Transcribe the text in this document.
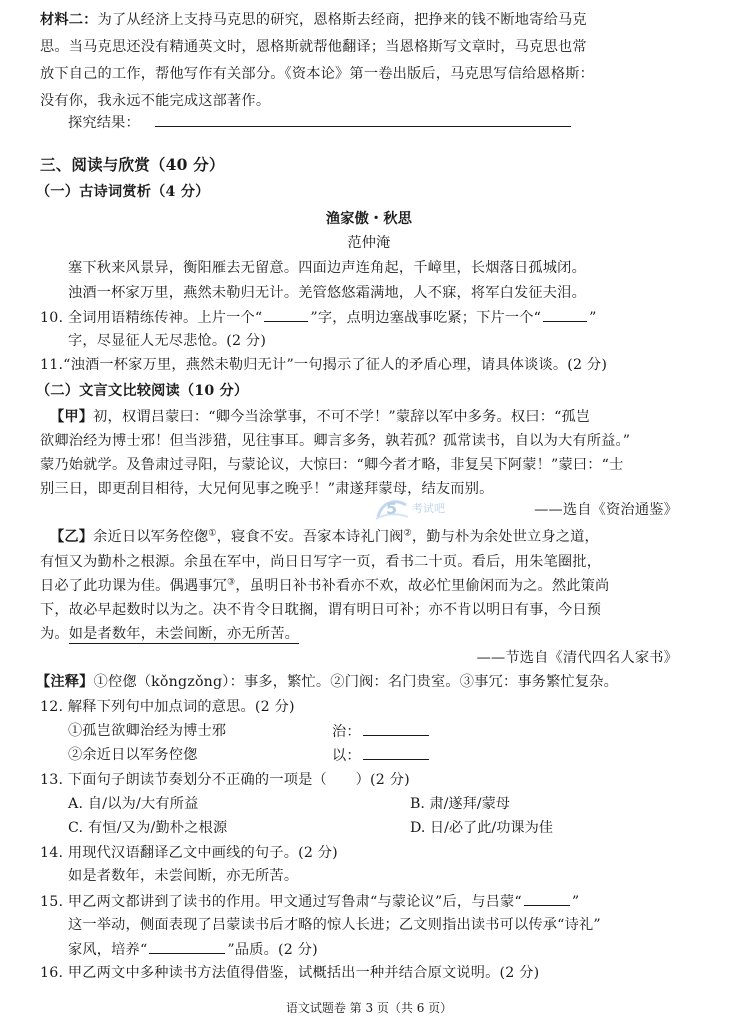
材料二：为了从经济上支持马克思的研究，恩格斯去经商，把挣来的钱不断地寄给马克
思。当马克思还没有精通英文时，恩格斯就帮他翻译；当恩格斯写文章时，马克思也常
放下自己的工作，帮他写作有关部分。《资本论》第一卷出版后，马克思写信给恩格斯：
没有你，我永远不能完成这部著作。
探究结果：
三、阅读与欣赏（40 分）
（一）古诗词赏析（4 分）
渔家傲・秋思
范仲淹
塞下秋来风景异，衡阳雁去无留意。四面边声连角起，千嶂里，长烟落日孤城闭。
浊酒一杯家万里，燕然未勒归无计。羌管悠悠霜满地，人不寐，将军白发征夫泪。
10. 全词用语精练传神。上片一个“	”字，点明边塞战事吃紧；下片一个“	”
字，尽显征人无尽悲怆。(2 分)
11.“浊酒一杯家万里，燕然未勒归无计”一句揭示了征人的矛盾心理，请具体谈谈。(2 分)
（二）文言文比较阅读（10 分）
【甲】初，权谓吕蒙曰：“卿今当涂掌事，不可不学！”蒙辞以军中多务。权曰：“孤岂
欲卿治经为博士邪！但当涉猎，见往事耳。卿言多务，孰若孤？孤常读书，自以为大有所益。”
蒙乃始就学。及鲁肃过寻阳，与蒙论议，大惊曰：“卿今者才略，非复吴下阿蒙！”蒙曰：“士
别三日，即更刮目相待，大兄何见事之晚乎！”肃遂拜蒙母，结友而别。
5 考试吧	——选自《资治通鉴》
【乙】余近日以军务倥偬①，寝食不安。吾家本诗礼门阀②，勤与朴为余处世立身之道，
有恒又为勤朴之根源。余虽在军中，尚日日写字一页，看书二十页。看后，用朱笔圈批，
日必了此功课为佳。偶遇事冗③，虽明日补书补看亦不欢，故必忙里偷闲而为之。然此策尚
下，故必早起数时以为之。决不肯令日耽搁，谓有明日可补；亦不肯以明日有事，今日预
为。如是者数年，未尝间断，亦无所苦。
——节选自《清代四名人家书》
【注释】①倥偬（kǒngzǒng）：事多，繁忙。②门阀：名门贵室。③事冗：事务繁忙复杂。
12. 解释下列句中加点词的意思。(2 分)
①孤岂欲卿治经为博士邪	治：
②余近日以军务倥偬	以：
13. 下面句子朗读节奏划分不正确的一项是（　　）(2 分)
A. 自/以为/大有所益	B. 肃/遂拜/蒙母
C. 有恒/又为/勤朴之根源	D. 日/必了此/功课为佳
14. 用现代汉语翻译乙文中画线的句子。(2 分)
如是者数年，未尝间断，亦无所苦。
15. 甲乙两文都讲到了读书的作用。甲文通过写鲁肃“与蒙论议”后，与吕蒙“	”
这一举动，侧面表现了吕蒙读书后才略的惊人长进；乙文则指出读书可以传承“诗礼”
家风，培养“	”品质。(2 分)
16. 甲乙两文中多种读书方法值得借鉴，试概括出一种并结合原文说明。(2 分)
语文试题卷 第 3 页（共 6 页）
